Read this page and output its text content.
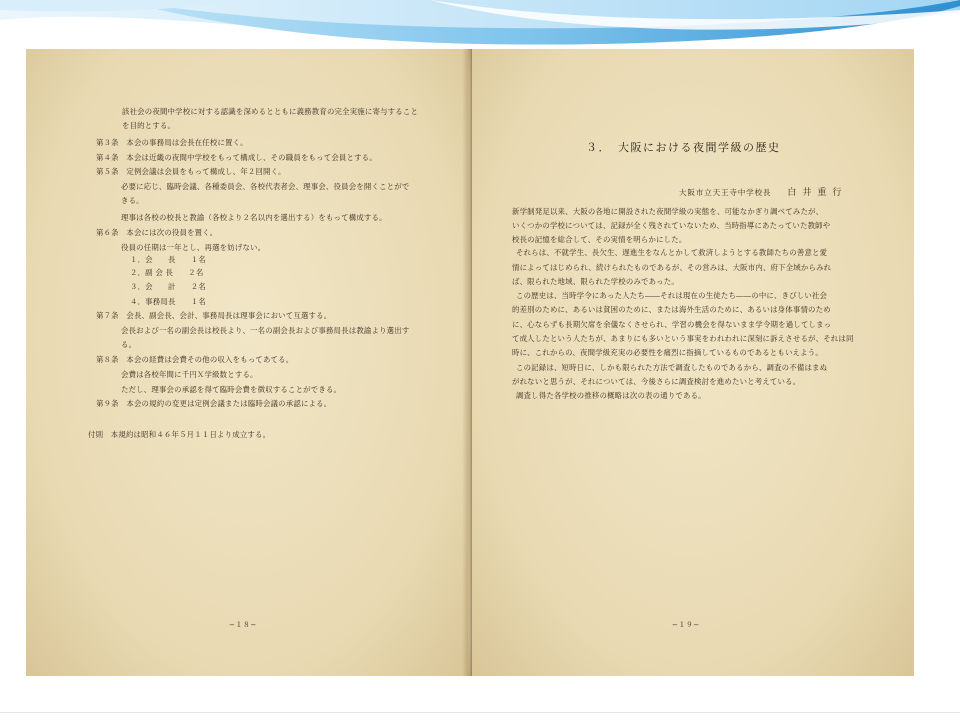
該社会の夜間中学校に対する認識を深めるとともに義務教育の完全実施に寄与すること
を目的とする。
第３条　本会の事務局は会長在任校に置く。
第４条　本会は近畿の夜間中学校をもって構成し、その職員をもって会員とする。
第５条　定例会議は会員をもって構成し、年２回開く。
必要に応じ、臨時会議、各種委員会、各校代表者会、理事会、役員会を開くことがで
きる。
理事は各校の校長と教諭（各校より２名以内を選出する）をもって構成する。
第６条　本会には次の役員を置く。
役員の任期は一年とし、再選を妨げない。
１．会　　長　　１名
２．副 会 長　　２名
３．会　　計　　２名
４．事務局長　　１名
第７条　会長、副会長、会計、事務局長は理事会において互選する。
会長および一名の副会長は校長より、一名の副会長および事務局長は教諭より選出す
る。
第８条　本会の経費は会費その他の収入をもってあてる。
会費は各校年間に千円Ｘ学級数とする。
ただし、理事会の承認を得て臨時会費を徴収することができる。
第９条　本会の規約の変更は定例会議または臨時会議の承認による。
付則　本規約は昭和４６年５月１１日より成立する。
−１８−
３．　大阪における夜間学級の歴史
大阪市立天王寺中学校長 白井重行
新学制発足以来、大阪の各地に開設された夜間学級の実態を、可能なかぎり調べてみたが、
いくつかの学校については、記録が全く残されていないため、当時指導にあたっていた教師や
校長の記憶を総合して、その実情を明らかにした。
それらは、不就学生、長欠生、遅進生をなんとかして救済しようとする教師たちの善意と愛
情によってはじめられ、続けられたものであるが、その営みは、大阪市内、府下全域からみれ
ば、限られた地域、限られた学校のみであった。
この歴史は、当時学令にあった人たち――それは現在の生徒たち――の中に、きびしい社会
的差別のために、あるいは貧困のために、または海外生活のために、あるいは身体事情のため
に、心ならずも長期欠席を余儀なくさせられ、学習の機会を得ないまま学令期を過してしまっ
て成人したという人たちが、あまりにも多いという事実をわれわれに深刻に訴えさせるが、それは同
時に、これからの、夜間学級充実の必要性を痛烈に指摘しているものであるともいえよう。
この記録は、短時日に、しかも限られた方法で調査したものであるから、調査の不備はまぬ
がれないと思うが、それについては、今後さらに調査検討を進めたいと考えている。
調査し得た各学校の推移の概略は次の表の通りである。
−１９−
